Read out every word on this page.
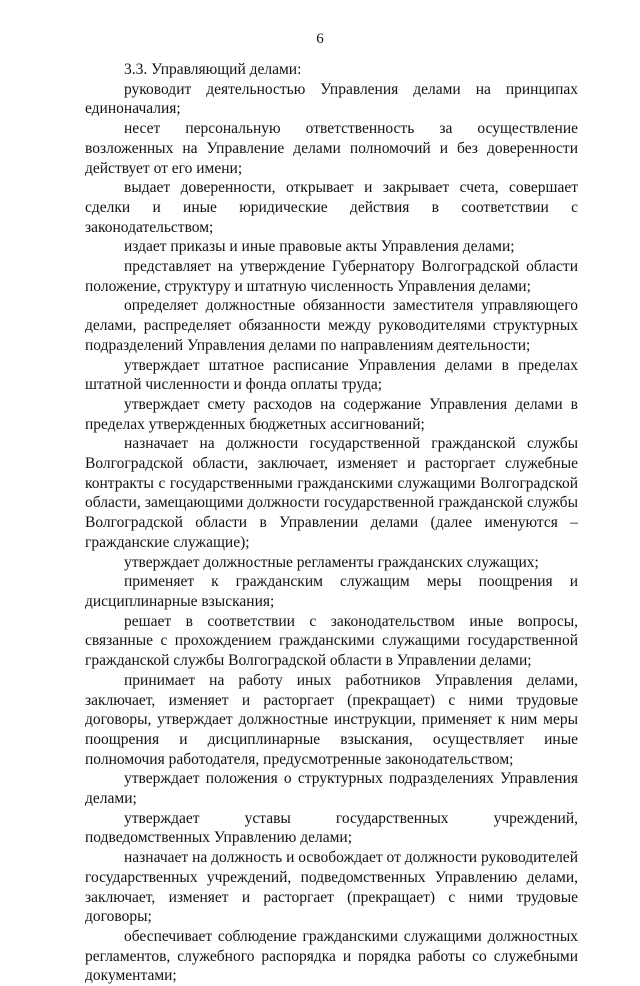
6

3.3. Управляющий делами:

руководит деятельностью Управления делами на принципах единоначалия;

несет персональную ответственность за осуществление возложенных на Управление делами полномочий и без доверенности действует от его имени;

выдает доверенности, открывает и закрывает счета, совершает сделки и иные юридические действия в соответствии с законодательством;

издает приказы и иные правовые акты Управления делами;

представляет на утверждение Губернатору Волгоградской области положение, структуру и штатную численность Управления делами;

определяет должностные обязанности заместителя управляющего делами, распределяет обязанности между руководителями структурных подразделений Управления делами по направлениям деятельности;

утверждает штатное расписание Управления делами в пределах штатной численности и фонда оплаты труда;

утверждает смету расходов на содержание Управления делами в пределах утвержденных бюджетных ассигнований;

назначает на должности государственной гражданской службы Волгоградской области, заключает, изменяет и расторгает служебные контракты с государственными гражданскими служащими Волгоградской области, замещающими должности государственной гражданской службы Волгоградской области в Управлении делами (далее именуются – гражданские служащие);

утверждает должностные регламенты гражданских служащих;

применяет к гражданским служащим меры поощрения и дисциплинарные взыскания;

решает в соответствии с законодательством иные вопросы, связанные с прохождением гражданскими служащими государственной гражданской службы Волгоградской области в Управлении делами;

принимает на работу иных работников Управления делами, заключает, изменяет и расторгает (прекращает) с ними трудовые договоры, утверждает должностные инструкции, применяет к ним меры поощрения и дисциплинарные взыскания, осуществляет иные полномочия работодателя, предусмотренные законодательством;

утверждает положения о структурных подразделениях Управления делами;

утверждает уставы государственных учреждений, подведомственных Управлению делами;

назначает на должность и освобождает от должности руководителей государственных учреждений, подведомственных Управлению делами, заключает, изменяет и расторгает (прекращает) с ними трудовые договоры;

обеспечивает соблюдение гражданскими служащими должностных регламентов, служебного распорядка и порядка работы со служебными документами;
